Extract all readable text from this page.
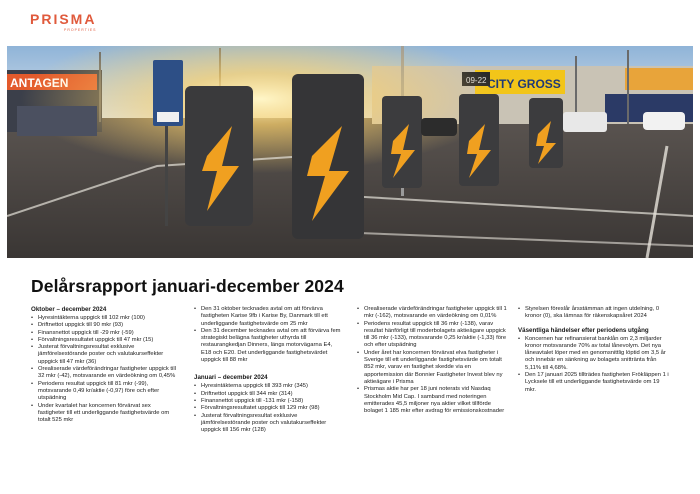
PRISMA
PROPERTIES
Delårsrapport januari-december 2024
Oktober – december 2024
• Hyresintäkterna uppgick till 102 mkr (100)
• Driftnettot uppgick till 90 mkr (93)
• Finansnettot uppgick till -29 mkr (-59)
• Förvaltningsresultatet uppgick till 47 mkr (15)
• Justerat förvaltningsresultat exklusive jämförelsestörande poster och valutakurseffekter uppgick till 47 mkr (36)
• Orealiserade värdeförändringar fastigheter uppgick till 32 mkr (-42), motsvarande en värdeökning om 0,45%
• Periodens resultat uppgick till 81 mkr (-99), motsvarande 0,49 kr/aktie (-0,97) före och efter utspädning
• Under kvartalet har koncernen förvärvat sex fastigheter till ett underliggande fastighetsvärde om totalt 525 mkr
• Den 31 oktober tecknades avtal om att förvärva fastigheten Karise 9fb i Karise By, Danmark till ett underliggande fastighetsvärde om 25 mkr
• Den 31 december tecknades avtal om att förvärva fem strategiskt belägna fastigheter uthyrda till restaurangkedjan Dinners, längs motorvägarna E4, E18 och E20. Det underliggande fastighetsvärdet uppgick till 88 mkr
Januari – december 2024
• Hyresintäkterna uppgick till 393 mkr (345)
• Driftnettot uppgick till 344 mkr (314)
• Finansnettot uppgick till -131 mkr (-158)
• Förvaltningsresultatet uppgick till 129 mkr (98)
• Justerat förvaltningsresultat exklusive jämförelsestörande poster och valutakurseffekter uppgick till 156 mkr (128)
• Orealiserade värdeförändringar fastigheter uppgick till 1 mkr (-162), motsvarande en värdeökning om 0,01%
• Periodens resultat uppgick till 36 mkr (-138), varav resultat hänförligt till moderbolagets aktieägare uppgick till 36 mkr (-133), motsvarande 0,25 kr/aktie (-1,33) före och efter utspädning
• Under året har koncernen förvärvat elva fastigheter i Sverige till ett underliggande fastighetsvärde om totalt 852 mkr, varav en fastighet skedde via en apportemission där Bonnier Fastigheter Invest blev ny aktieägare i Prisma
• Prismas aktie har per 18 juni noterats vid Nasdaq Stockholm Mid Cap. I samband med noteringen emitterades 45,5 miljoner nya aktier vilket tillförde bolaget 1 185 mkr efter avdrag för emissionskostnader
• Styrelsen föreslår årsstämman att ingen utdelning, 0 kronor (0), ska lämnas för räkenskapsåret 2024
Väsentliga händelser efter periodens utgång
• Koncernen har refinansierat banklån om 2,3 miljarder kronor motsvarande 70% av total lånevolym. Det nya låneavtalet löper med en genomsnittlig löptid om 3,5 år och innebär en sänkning av bolagets snittränta från 5,11% till 4,68%.
• Den 17 januari 2025 tillträdes fastigheten Frökläppen 1 i Lycksele till ett underliggande fastighetsvärde om 19 mkr.
